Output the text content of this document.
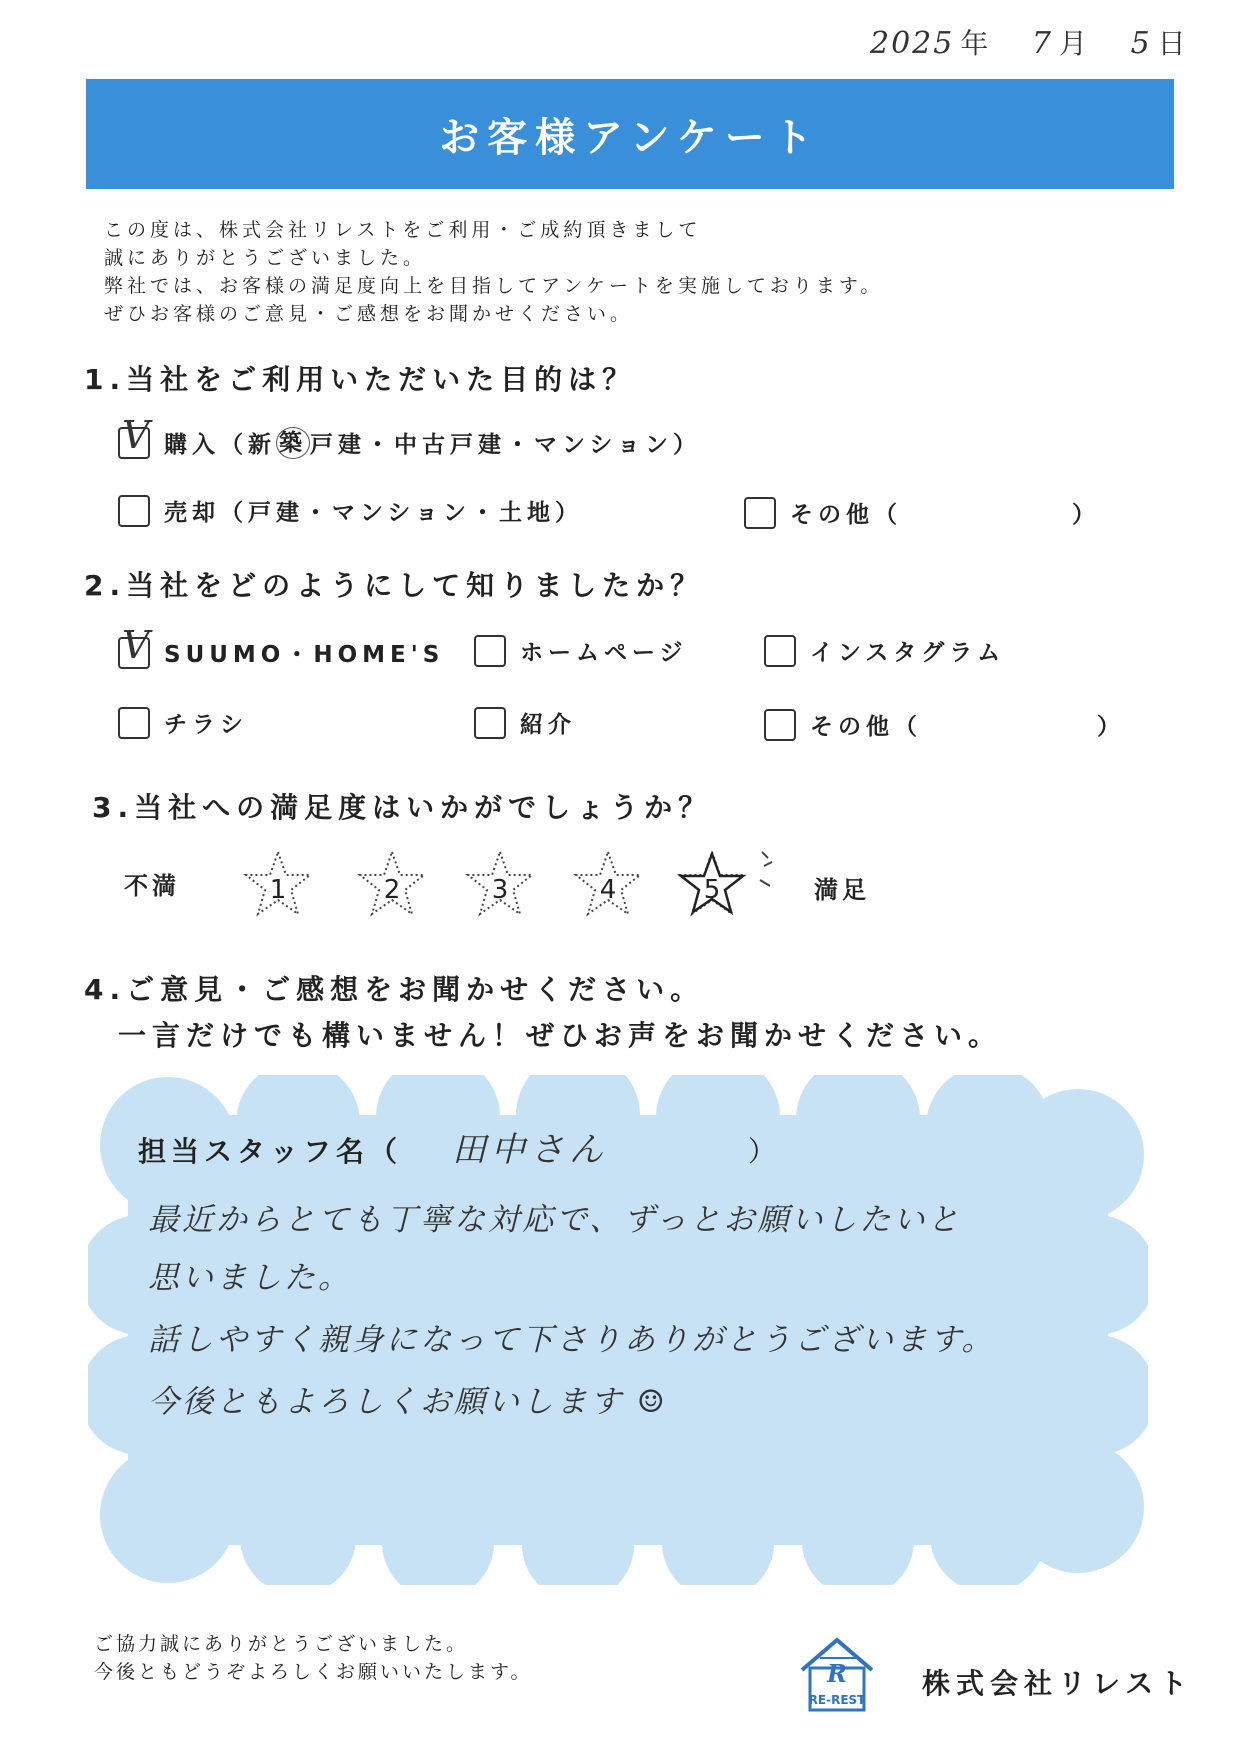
2025 年 7 月 5 日
お客様アンケート
この度は、株式会社リレストをご利用・ご成約頂きまして
誠にありがとうございました。
弊社では、お客様の満足度向上を目指してアンケートを実施しております。
ぜひお客様のご意見・ご感想をお聞かせください。
1.当社をご利用いただいた目的は？
V 購入（新 築 戸建・中古戸建・マンション）
売却（戸建・マンション・土地）	その他（	）
2.当社をどのようにして知りましたか？
V SUUMO・HOME'S	ホームページ	インスタグラム
チラシ	紹介	その他（	）
3.当社への満足度はいかがでしょうか？
不満	満足
1	2	3	4	5
4.ご意見・ご感想をお聞かせください。
一言だけでも構いません！ぜひお声をお聞かせください。
担当スタッフ名（ 田中さん	）
最近からとても丁寧な対応で、ずっとお願いしたいと
思いました。
話しやすく親身になって下さりありがとうございます。
今後ともよろしくお願いします ☺
ご協力誠にありがとうございました。
今後ともどうぞよろしくお願いいたします。	R
RE-REST 株式会社リレスト
